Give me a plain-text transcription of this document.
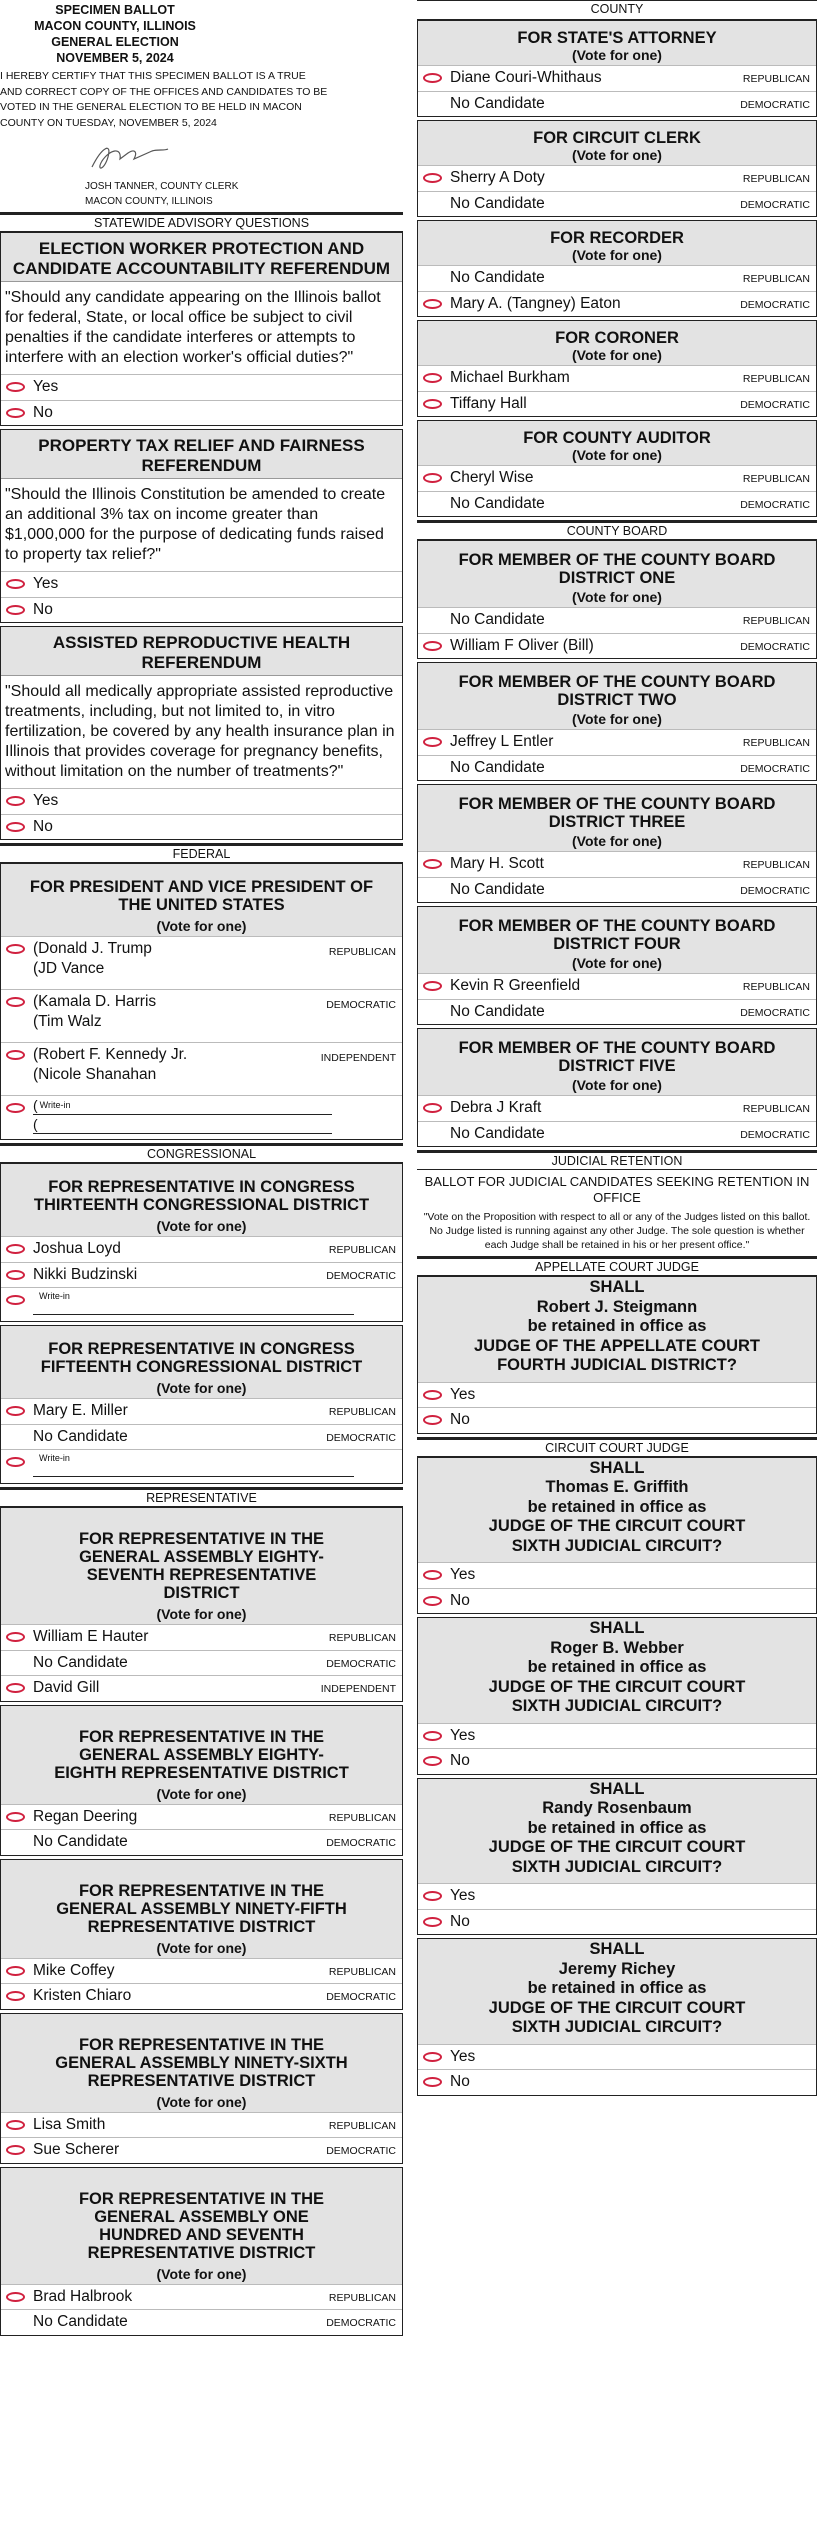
SPECIMEN BALLOT
MACON COUNTY, ILLINOIS
GENERAL ELECTION
NOVEMBER 5, 2024
I HEREBY CERTIFY THAT THIS SPECIMEN BALLOT IS A TRUE AND CORRECT COPY OF THE OFFICES AND CANDIDATES TO BE VOTED IN THE GENERAL ELECTION TO BE HELD IN MACON COUNTY ON TUESDAY, NOVEMBER 5, 2024
JOSH TANNER, COUNTY CLERK
MACON COUNTY, ILLINOIS
STATEWIDE ADVISORY QUESTIONS
ELECTION WORKER PROTECTION AND CANDIDATE ACCOUNTABILITY REFERENDUM
"Should any candidate appearing on the Illinois ballot for federal, State, or local office be subject to civil penalties if the candidate interferes or attempts to interfere with an election worker's official duties?"
Yes
No
PROPERTY TAX RELIEF AND FAIRNESS REFERENDUM
"Should the Illinois Constitution be amended to create an additional 3% tax on income greater than $1,000,000 for the purpose of dedicating funds raised to property tax relief?"
Yes
No
ASSISTED REPRODUCTIVE HEALTH REFERENDUM
"Should all medically appropriate assisted reproductive treatments, including, but not limited to, in vitro fertilization, be covered by any health insurance plan in Illinois that provides coverage for pregnancy benefits, without limitation on the number of treatments?"
Yes
No
FEDERAL
FOR PRESIDENT AND VICE PRESIDENT OF THE UNITED STATES
(Vote for one)
(Donald J. Trump
(JD Vance
REPUBLICAN
(Kamala D. Harris
(Tim Walz
DEMOCRATIC
(Robert F. Kennedy Jr.
(Nicole Shanahan
INDEPENDENT
( $^{Write-in}$
(
CONGRESSIONAL
FOR REPRESENTATIVE IN CONGRESS THIRTEENTH CONGRESSIONAL DISTRICT
(Vote for one)
Joshua Loyd	REPUBLICAN
Nikki Budzinski	DEMOCRATIC
Write-in
FOR REPRESENTATIVE IN CONGRESS FIFTEENTH CONGRESSIONAL DISTRICT
(Vote for one)
Mary E. Miller	REPUBLICAN
No Candidate	DEMOCRATIC
Write-in
REPRESENTATIVE
FOR REPRESENTATIVE IN THE GENERAL ASSEMBLY EIGHTY-SEVENTH REPRESENTATIVE DISTRICT
(Vote for one)
William E Hauter	REPUBLICAN
No Candidate	DEMOCRATIC
David Gill	INDEPENDENT
FOR REPRESENTATIVE IN THE GENERAL ASSEMBLY EIGHTY-EIGHTH REPRESENTATIVE DISTRICT
(Vote for one)
Regan Deering	REPUBLICAN
No Candidate	DEMOCRATIC
FOR REPRESENTATIVE IN THE GENERAL ASSEMBLY NINETY-FIFTH REPRESENTATIVE DISTRICT
(Vote for one)
Mike Coffey	REPUBLICAN
Kristen Chiaro	DEMOCRATIC
FOR REPRESENTATIVE IN THE GENERAL ASSEMBLY NINETY-SIXTH REPRESENTATIVE DISTRICT
(Vote for one)
Lisa Smith	REPUBLICAN
Sue Scherer	DEMOCRATIC
FOR REPRESENTATIVE IN THE GENERAL ASSEMBLY ONE HUNDRED AND SEVENTH REPRESENTATIVE DISTRICT
(Vote for one)
Brad Halbrook	REPUBLICAN
No Candidate	DEMOCRATIC
COUNTY
FOR STATE'S ATTORNEY
(Vote for one)
Diane Couri-Whithaus	REPUBLICAN
No Candidate	DEMOCRATIC
FOR CIRCUIT CLERK
(Vote for one)
Sherry A Doty	REPUBLICAN
No Candidate	DEMOCRATIC
FOR RECORDER
(Vote for one)
No Candidate	REPUBLICAN
Mary A. (Tangney) Eaton	DEMOCRATIC
FOR CORONER
(Vote for one)
Michael Burkham	REPUBLICAN
Tiffany Hall	DEMOCRATIC
FOR COUNTY AUDITOR
(Vote for one)
Cheryl Wise	REPUBLICAN
No Candidate	DEMOCRATIC
COUNTY BOARD
FOR MEMBER OF THE COUNTY BOARD DISTRICT ONE
(Vote for one)
No Candidate	REPUBLICAN
William F Oliver (Bill)	DEMOCRATIC
FOR MEMBER OF THE COUNTY BOARD DISTRICT TWO
(Vote for one)
Jeffrey L Entler	REPUBLICAN
No Candidate	DEMOCRATIC
FOR MEMBER OF THE COUNTY BOARD DISTRICT THREE
(Vote for one)
Mary H. Scott	REPUBLICAN
No Candidate	DEMOCRATIC
FOR MEMBER OF THE COUNTY BOARD DISTRICT FOUR
(Vote for one)
Kevin R Greenfield	REPUBLICAN
No Candidate	DEMOCRATIC
FOR MEMBER OF THE COUNTY BOARD DISTRICT FIVE
(Vote for one)
Debra J Kraft	REPUBLICAN
No Candidate	DEMOCRATIC
JUDICIAL RETENTION
BALLOT FOR JUDICIAL CANDIDATES SEEKING RETENTION IN OFFICE
"Vote on the Proposition with respect to all or any of the Judges listed on this ballot. No Judge listed is running against any other Judge. The sole question is whether each Judge shall be retained in his or her present office."
APPELLATE COURT JUDGE
SHALL
Robert J. Steigmann
be retained in office as
JUDGE OF THE APPELLATE COURT
FOURTH JUDICIAL DISTRICT?
Yes
No
CIRCUIT COURT JUDGE
SHALL
Thomas E. Griffith
be retained in office as
JUDGE OF THE CIRCUIT COURT
SIXTH JUDICIAL CIRCUIT?
Yes
No
SHALL
Roger B. Webber
be retained in office as
JUDGE OF THE CIRCUIT COURT
SIXTH JUDICIAL CIRCUIT?
Yes
No
SHALL
Randy Rosenbaum
be retained in office as
JUDGE OF THE CIRCUIT COURT
SIXTH JUDICIAL CIRCUIT?
Yes
No
SHALL
Jeremy Richey
be retained in office as
JUDGE OF THE CIRCUIT COURT
SIXTH JUDICIAL CIRCUIT?
Yes
No
